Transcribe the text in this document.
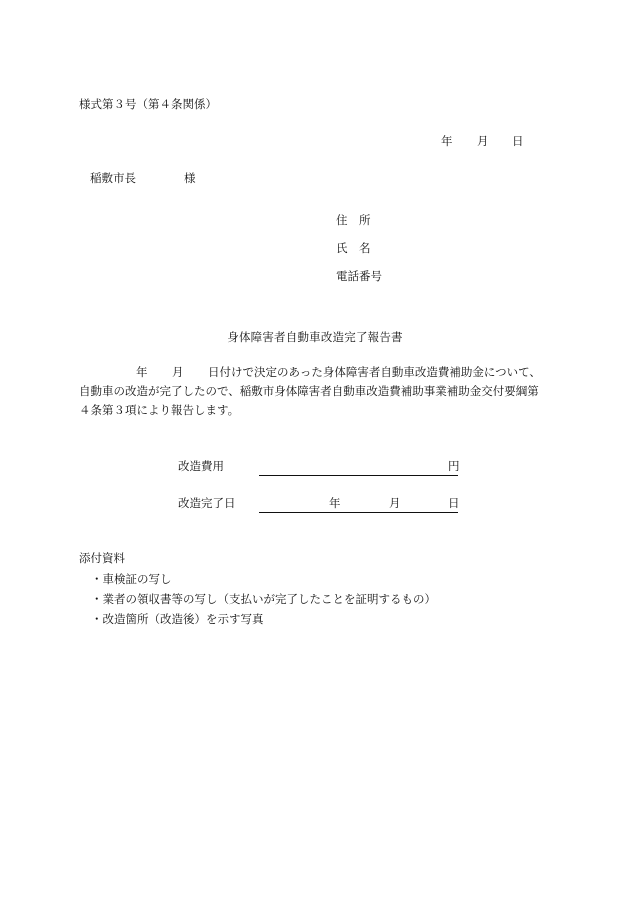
様式第３号（第４条関係）
年 月 日
稲敷市長	様
住　所
氏　名
電話番号
身体障害者自動車改造完了報告書
年 月 日付けで決定のあった身体障害者自動車改造費補助金について、
自動車の改造が完了したので、稲敷市身体障害者自動車改造費補助事業補助金交付要綱第
４条第３項により報告します。
改造費用	円
改造完了日	年	月	日
添付資料
・車検証の写し
・業者の領収書等の写し（支払いが完了したことを証明するもの）
・改造箇所（改造後）を示す写真
